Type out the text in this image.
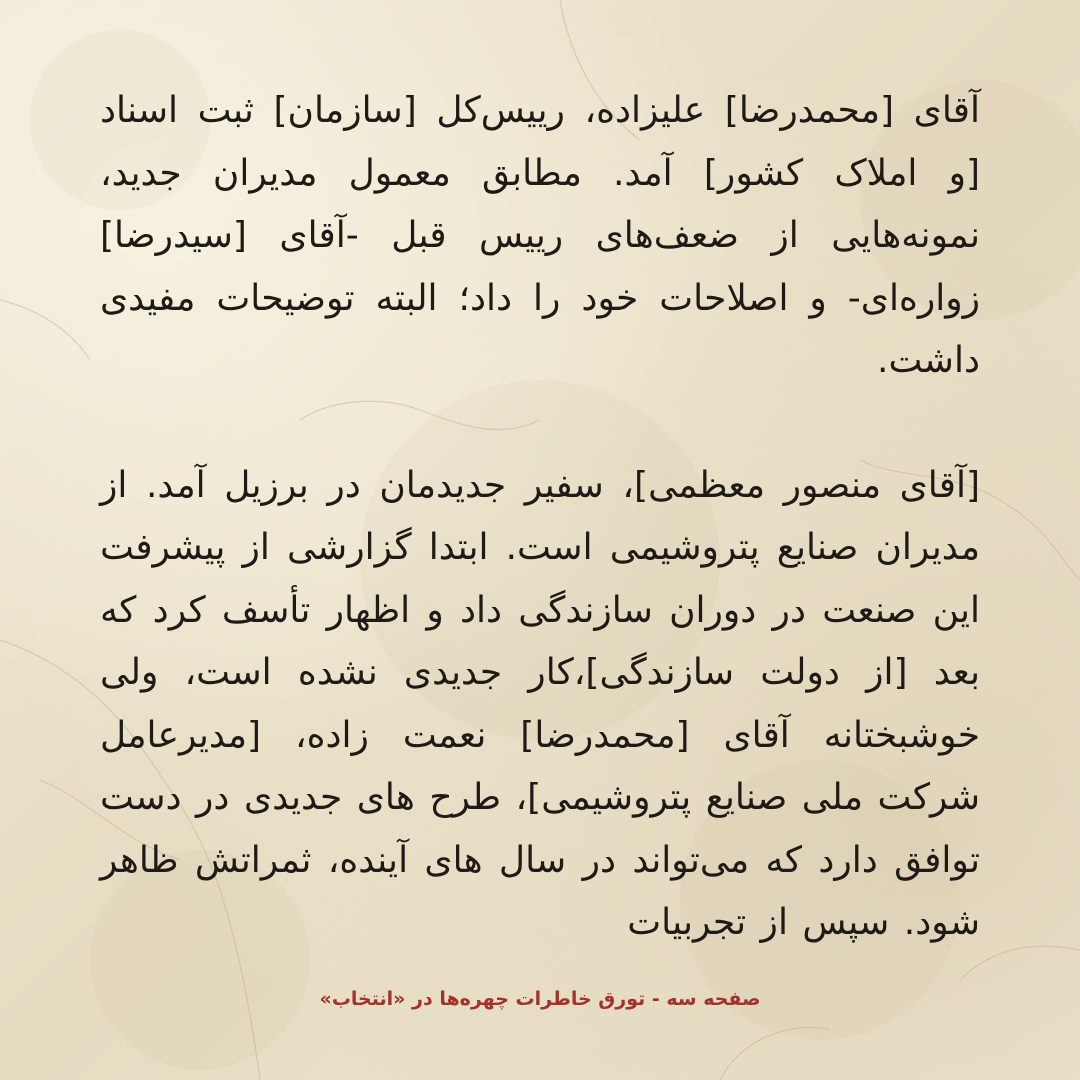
آقای [محمدرضا] علیزاده، رییس‌کل [سازمان] ثبت اسناد [و املاک کشور] آمد. مطابق معمول مدیران جدید، نمونه‌هایی از ضعف‌های رییس قبل -آقای [سیدرضا] زواره‌ای- و اصلاحات خود را داد؛ البته توضیحات مفیدی داشت.

[آقای منصور معظمی]، سفیر جدیدمان در برزیل آمد. از مدیران صنایع پتروشیمی است. ابتدا گزارشی از پیشرفت این صنعت در دوران سازندگی داد و اظهار تأسف کرد که بعد [از دولت سازندگی]،کار جدیدی نشده است، ولی خوشبختانه آقای [محمدرضا] نعمت زاده، [مدیرعامل شرکت ملی صنایع پتروشیمی]، طرح های جدیدی در دست توافق دارد که می‌تواند در سال های آینده، ثمراتش ظاهر شود. سپس از تجربیات

صفحه سه - تورق خاطرات چهره‌ها در «انتخاب»
